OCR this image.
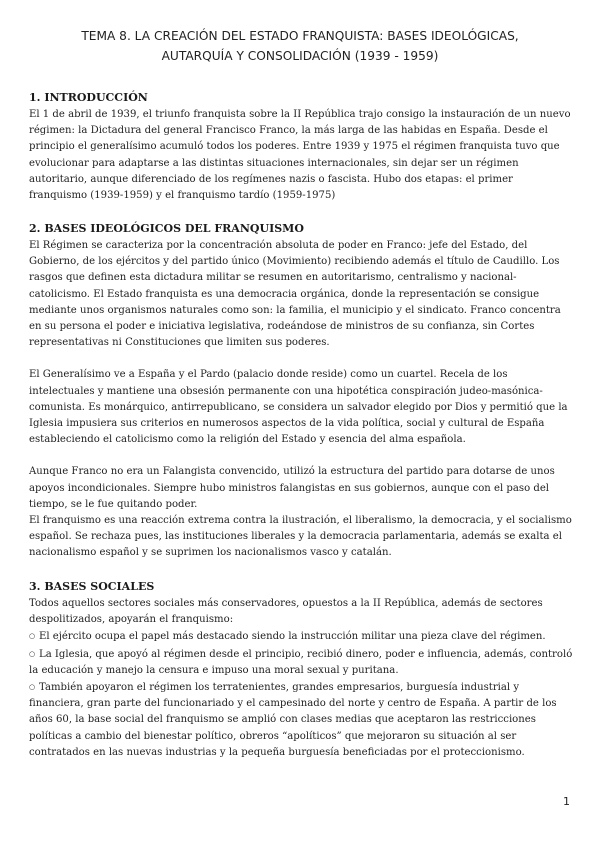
TEMA 8. LA CREACIÓN DEL ESTADO FRANQUISTA: BASES IDEOLÓGICAS,
AUTARQUÍA Y CONSOLIDACIÓN (1939 - 1959)
1. INTRODUCCIÓN

El 1 de abril de 1939, el triunfo franquista sobre la II República trajo consigo la instauración de un nuevo régimen: la Dictadura del general Francisco Franco, la más larga de las habidas en España. Desde el principio el generalísimo acumuló todos los poderes. Entre 1939 y 1975 el régimen franquista tuvo que evolucionar para adaptarse a las distintas situaciones internacionales, sin dejar ser un régimen autoritario, aunque diferenciado de los regímenes nazis o fascista. Hubo dos etapas: el primer franquismo (1939-1959) y el franquismo tardío (1959-1975)

2. BASES IDEOLÓGICOS DEL FRANQUISMO

El Régimen se caracteriza por la concentración absoluta de poder en Franco: jefe del Estado, del Gobierno, de los ejércitos y del partido único (Movimiento) recibiendo además el título de Caudillo. Los rasgos que definen esta dictadura militar se resumen en autoritarismo, centralismo y nacional-catolicismo. El Estado franquista es una democracia orgánica, donde la representación se consigue mediante unos organismos naturales como son: la familia, el municipio y el sindicato. Franco concentra en su persona el poder e iniciativa legislativa, rodeándose de ministros de su confianza, sin Cortes representativas ni Constituciones que limiten sus poderes.

El Generalísimo ve a España y el Pardo (palacio donde reside) como un cuartel. Recela de los intelectuales y mantiene una obsesión permanente con una hipotética conspiración judeo-masónica-comunista. Es monárquico, antirrepublicano, se considera un salvador elegido por Dios y permitió que la Iglesia impusiera sus criterios en numerosos aspectos de la vida política, social y cultural de España estableciendo el catolicismo como la religión del Estado y esencia del alma española.

Aunque Franco no era un Falangista convencido, utilizó la estructura del partido para dotarse de unos apoyos incondicionales. Siempre hubo ministros falangistas en sus gobiernos, aunque con el paso del tiempo, se le fue quitando poder.

El franquismo es una reacción extrema contra la ilustración, el liberalismo, la democracia, y el socialismo español. Se rechaza pues, las instituciones liberales y la democracia parlamentaria, además se exalta el nacionalismo español y se suprimen los nacionalismos vasco y catalán.

3. BASES SOCIALES

Todos aquellos sectores sociales más conservadores, opuestos a la II República, además de sectores despolitizados, apoyarán el franquismo:

○ El ejército ocupa el papel más destacado siendo la instrucción militar una pieza clave del régimen.

○ La Iglesia, que apoyó al régimen desde el principio, recibió dinero, poder e influencia, además, controló la educación y manejo la censura e impuso una moral sexual y puritana.

○ También apoyaron el régimen los terratenientes, grandes empresarios, burguesía industrial y financiera, gran parte del funcionariado y el campesinado del norte y centro de España. A partir de los años 60, la base social del franquismo se amplió con clases medias que aceptaron las restricciones políticas a cambio del bienestar político, obreros “apolíticos” que mejoraron su situación al ser contratados en las nuevas industrias y la pequeña burguesía beneficiadas por el proteccionismo.

1
